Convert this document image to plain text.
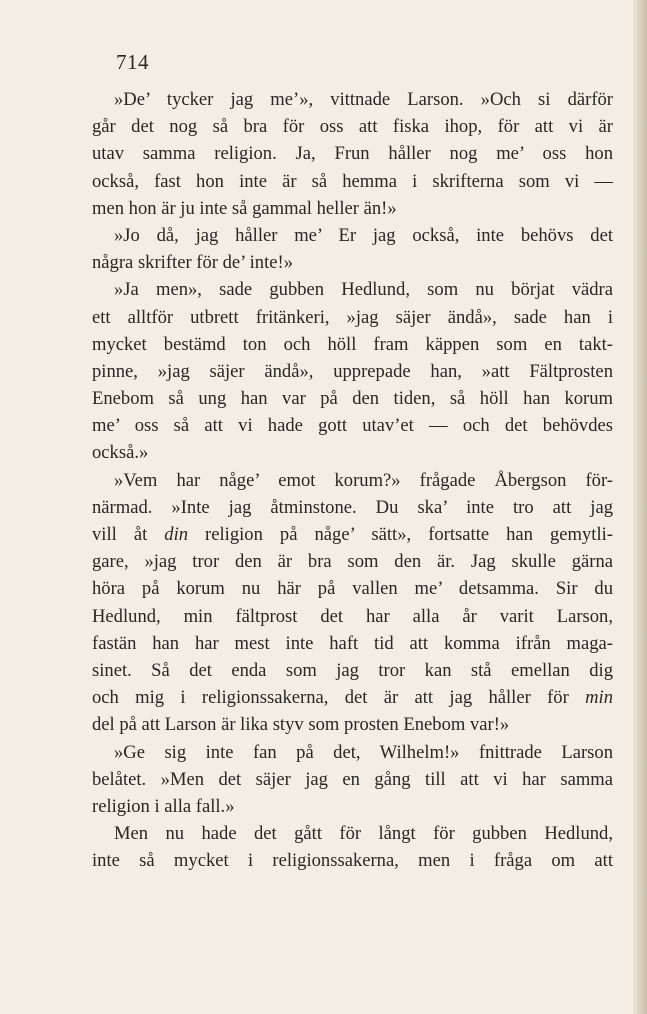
714
»De’ tycker jag me’», vittnade Larson. »Och si därför
går det nog så bra för oss att fiska ihop, för att vi är
utav samma religion. Ja, Frun håller nog me’ oss hon
också, fast hon inte är så hemma i skrifterna som vi —
men hon är ju inte så gammal heller än!»
»Jo då, jag håller me’ Er jag också, inte behövs det
några skrifter för de’ inte!»
»Ja men», sade gubben Hedlund, som nu börjat vädra
ett alltför utbrett fritänkeri, »jag säjer ändå», sade han i
mycket bestämd ton och höll fram käppen som en takt-
pinne, »jag säjer ändå», upprepade han, »att Fältprosten
Enebom så ung han var på den tiden, så höll han korum
me’ oss så att vi hade gott utav’et — och det behövdes
också.»
»Vem har någe’ emot korum?» frågade Åbergson för-
närmad. »Inte jag åtminstone. Du ska’ inte tro att jag
vill åt din religion på någe’ sätt», fortsatte han gemytli-
gare, »jag tror den är bra som den är. Jag skulle gärna
höra på korum nu här på vallen me’ detsamma. Sir du
Hedlund, min fältprost det har alla år varit Larson,
fastän han har mest inte haft tid att komma ifrån maga-
sinet. Så det enda som jag tror kan stå emellan dig
och mig i religionssakerna, det är att jag håller för min
del på att Larson är lika styv som prosten Enebom var!»
»Ge sig inte fan på det, Wilhelm!» fnittrade Larson
belåtet. »Men det säjer jag en gång till att vi har samma
religion i alla fall.»
Men nu hade det gått för långt för gubben Hedlund,
inte så mycket i religionssakerna, men i fråga om att
